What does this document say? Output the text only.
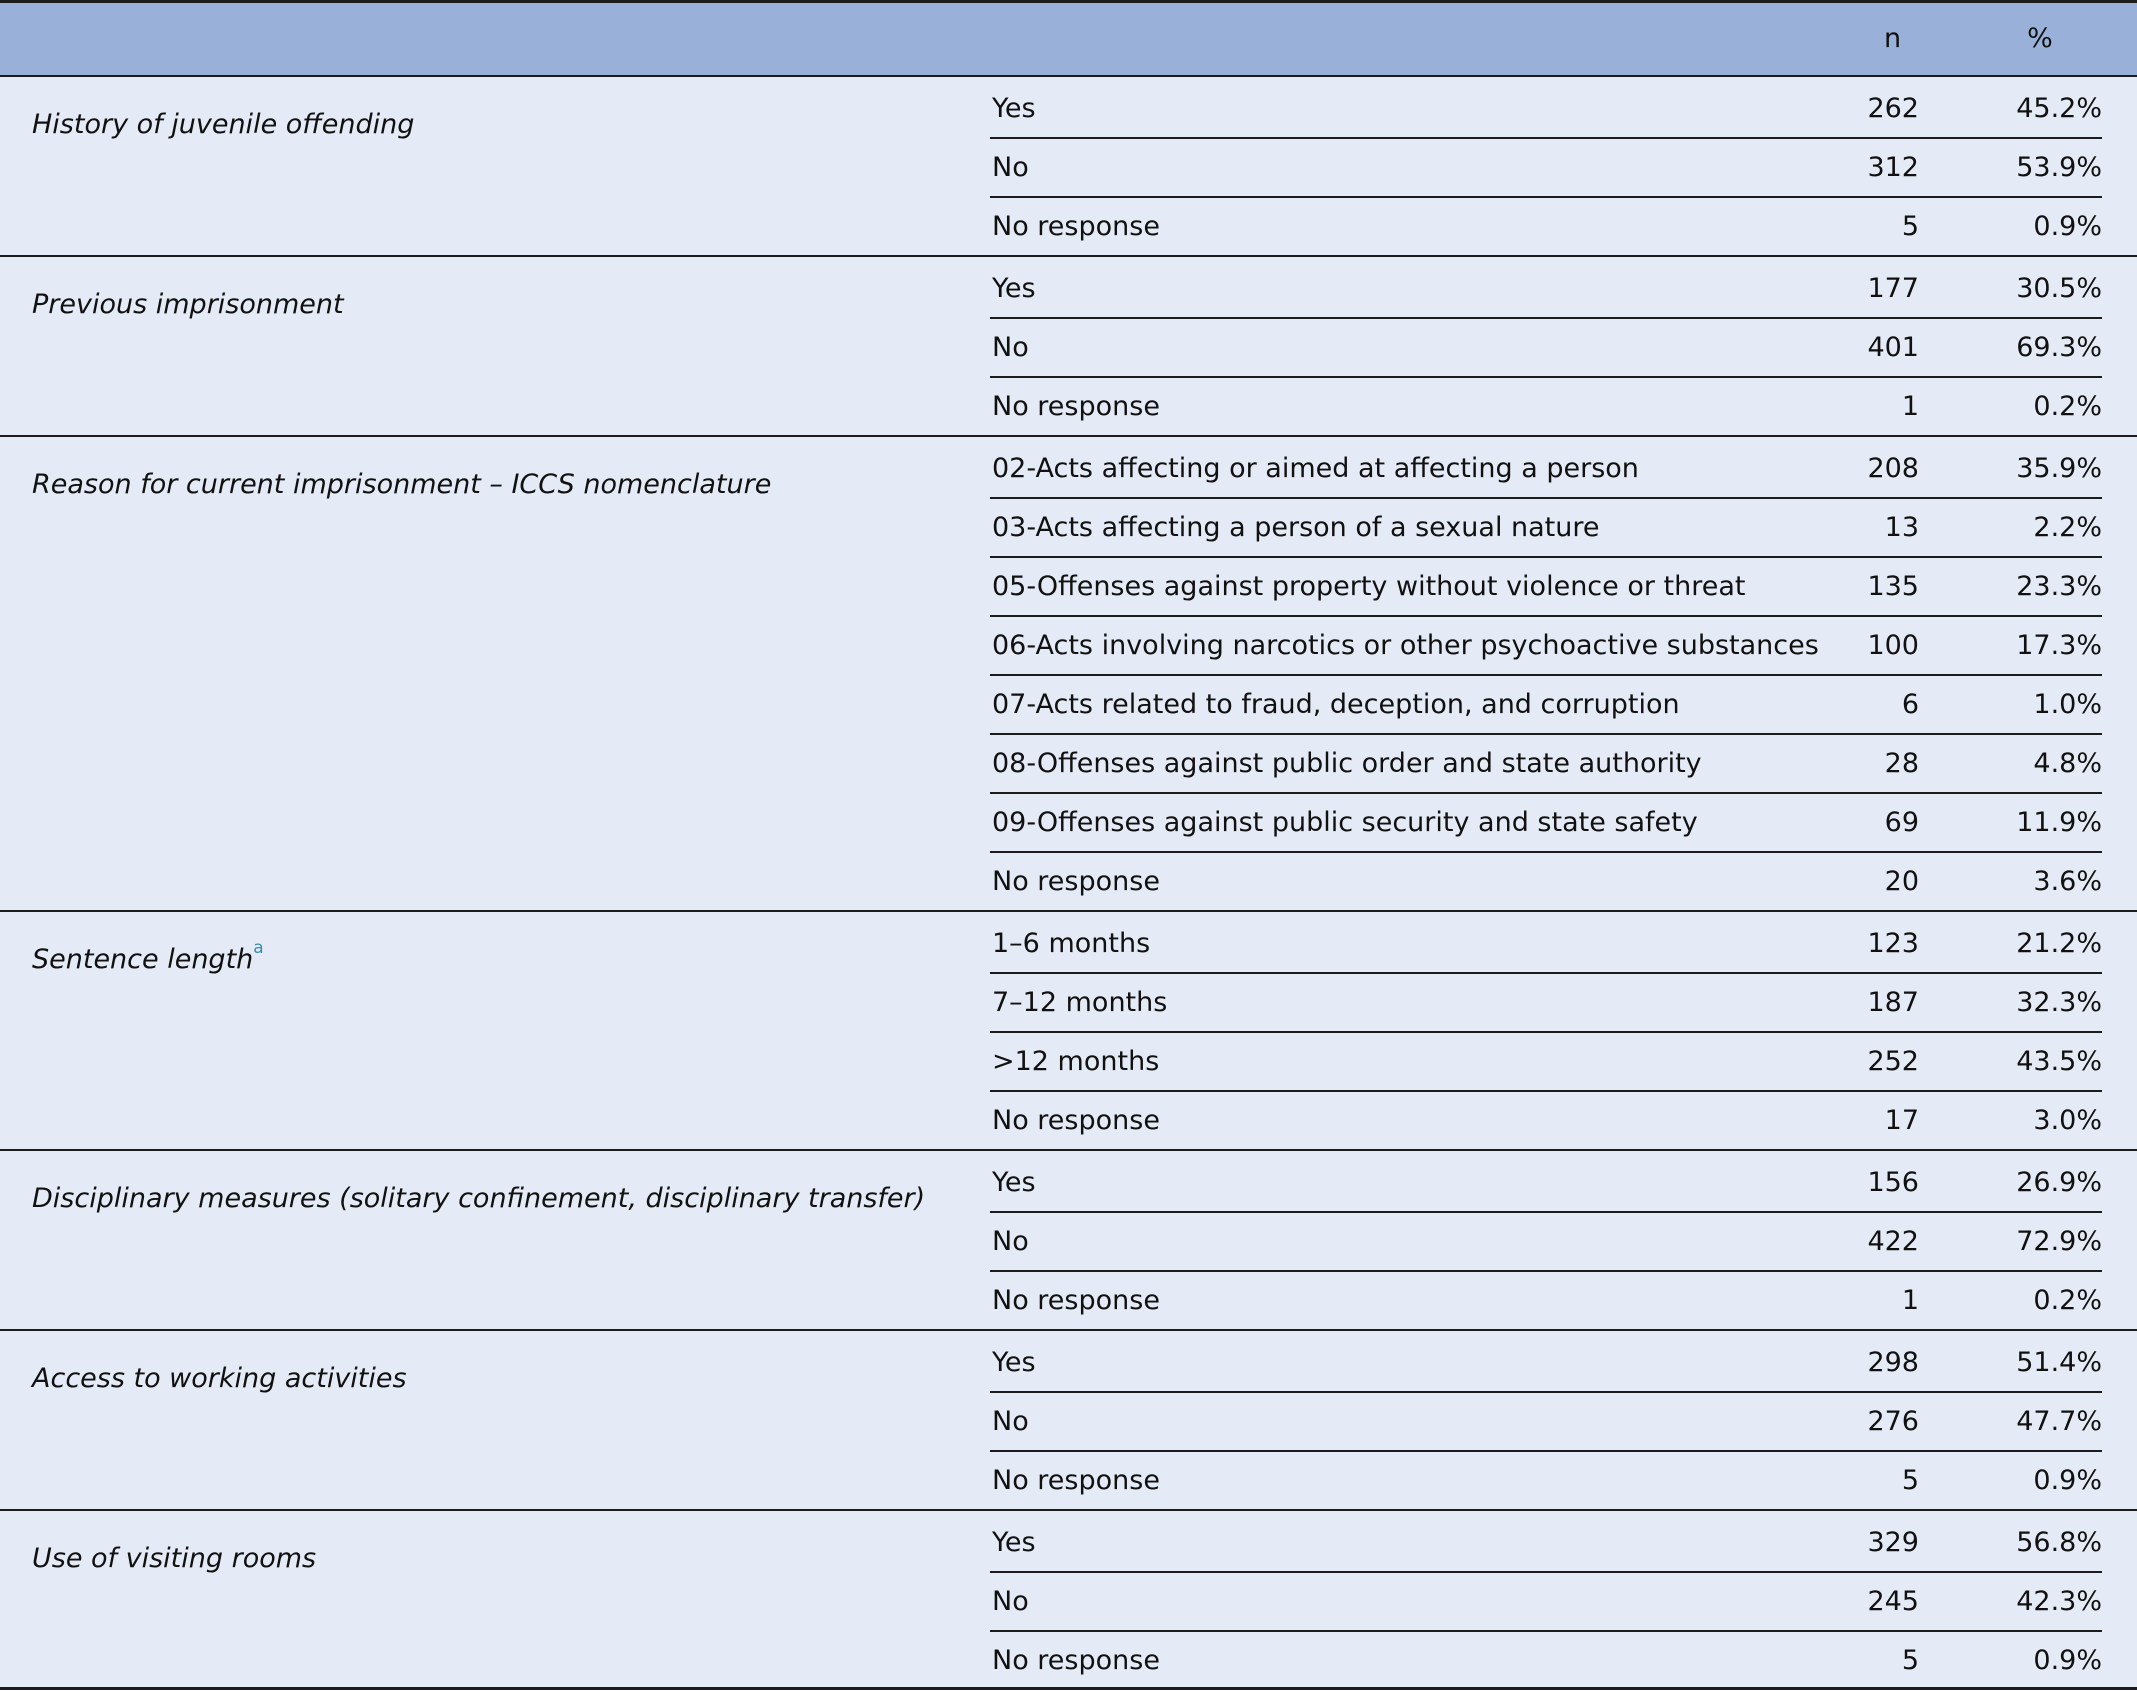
n	%
History of juvenile offending
Yes	262	45.2%
No	312	53.9%
No response	5	0.9%
Previous imprisonment
Yes	177	30.5%
No	401	69.3%
No response	1	0.2%
Reason for current imprisonment – ICCS nomenclature
02-Acts affecting or aimed at affecting a person	208	35.9%
03-Acts affecting a person of a sexual nature	13	2.2%
05-Offenses against property without violence or threat	135	23.3%
06-Acts involving narcotics or other psychoactive substances 100	17.3%
07-Acts related to fraud, deception, and corruption	6	1.0%
08-Offenses against public order and state authority	28	4.8%
09-Offenses against public security and state safety	69	11.9%
No response	20	3.6%
Sentence length$^a$	1–6 months	123	21.2%
7–12 months	187	32.3%
>12 months	252	43.5%
No response	17	3.0%
Disciplinary measures (solitary confinement, disciplinary transfer)
Yes	156	26.9%
No	422	72.9%
No response	1	0.2%
Access to working activities
Yes	298	51.4%
No	276	47.7%
No response	5	0.9%
Use of visiting rooms
Yes	329	56.8%
No	245	42.3%
No response	5	0.9%
